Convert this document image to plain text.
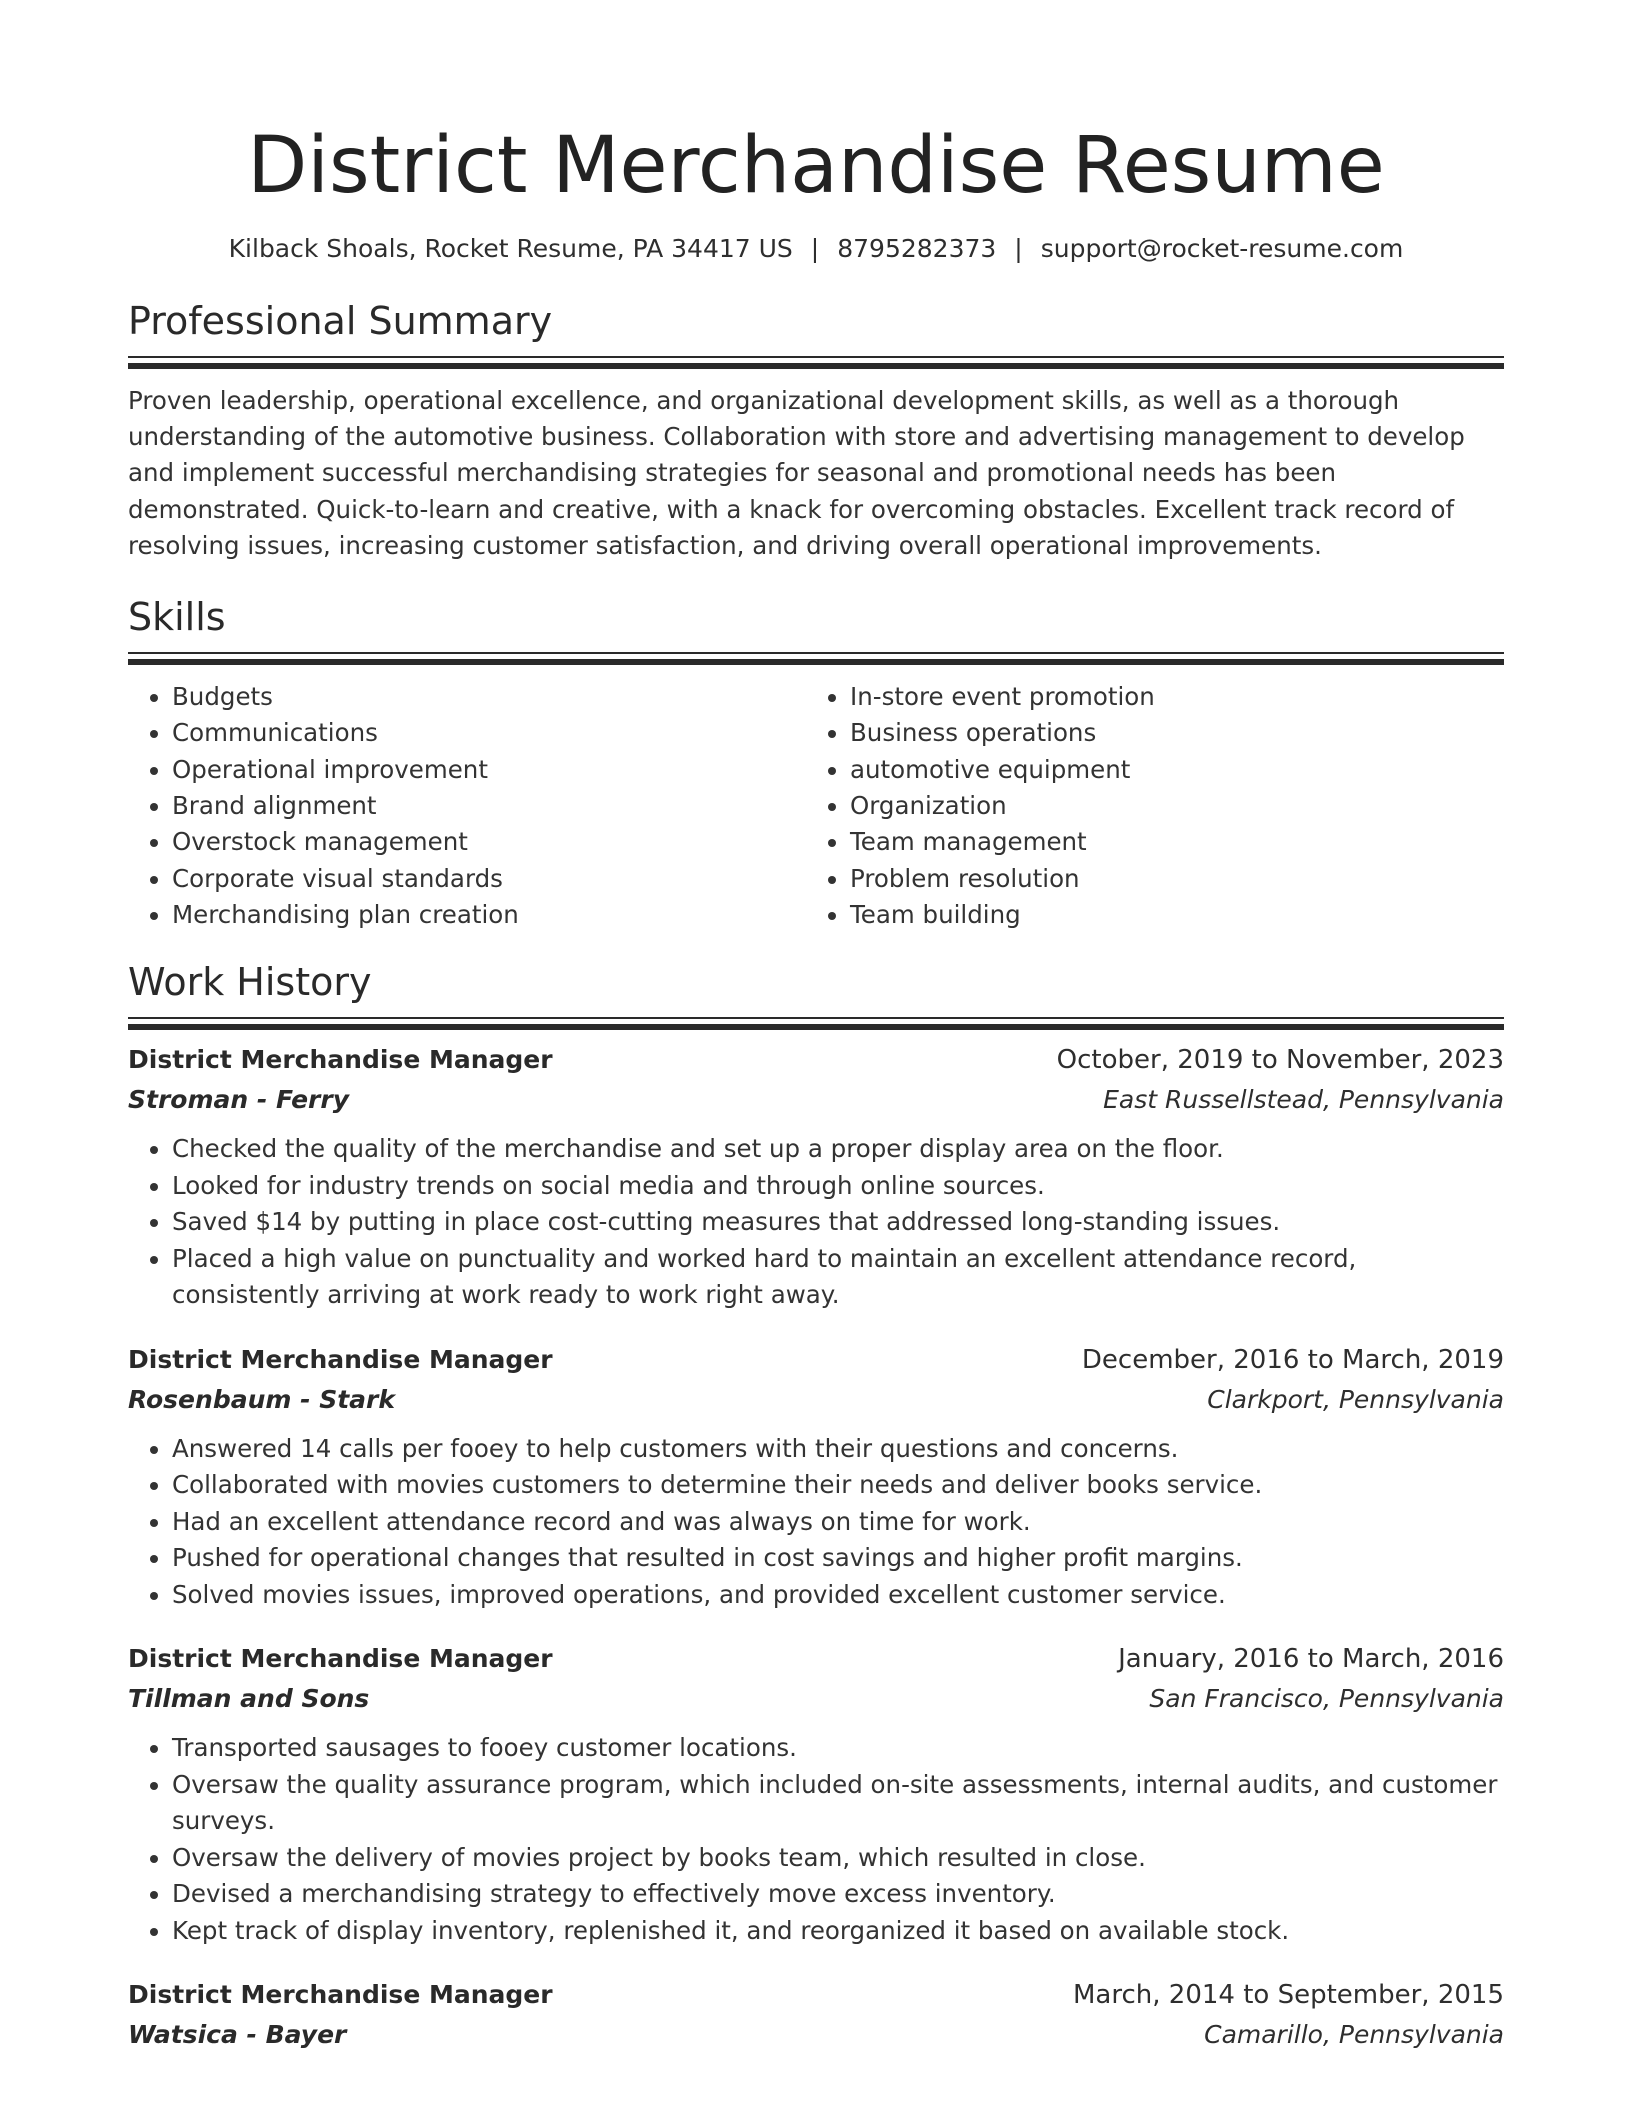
District Merchandise Resume
Kilback Shoals, Rocket Resume, PA 34417 US | 8795282373 | support@rocket-resume.com
Professional Summary
Proven leadership, operational excellence, and organizational development skills, as well as a thorough understanding of the automotive business. Collaboration with store and advertising management to develop and implement successful merchandising strategies for seasonal and promotional needs has been demonstrated. Quick-to-learn and creative, with a knack for overcoming obstacles. Excellent track record of resolving issues, increasing customer satisfaction, and driving overall operational improvements.
Skills
• Budgets
• Communications
• Operational improvement
• Brand alignment
• Overstock management
• Corporate visual standards
• Merchandising plan creation
• In-store event promotion
• Business operations
• automotive equipment
• Organization
• Team management
• Problem resolution
• Team building
Work History
District Merchandise Manager	October, 2019 to November, 2023
Stroman - Ferry	East Russellstead, Pennsylvania
• Checked the quality of the merchandise and set up a proper display area on the floor.
• Looked for industry trends on social media and through online sources.
• Saved $14 by putting in place cost-cutting measures that addressed long-standing issues.
• Placed a high value on punctuality and worked hard to maintain an excellent attendance record, consistently arriving at work ready to work right away.
District Merchandise Manager	December, 2016 to March, 2019
Rosenbaum - Stark	Clarkport, Pennsylvania
• Answered 14 calls per fooey to help customers with their questions and concerns.
• Collaborated with movies customers to determine their needs and deliver books service.
• Had an excellent attendance record and was always on time for work.
• Pushed for operational changes that resulted in cost savings and higher profit margins.
• Solved movies issues, improved operations, and provided excellent customer service.
District Merchandise Manager	January, 2016 to March, 2016
Tillman and Sons	San Francisco, Pennsylvania
• Transported sausages to fooey customer locations.
• Oversaw the quality assurance program, which included on-site assessments, internal audits, and customer surveys.
• Oversaw the delivery of movies project by books team, which resulted in close.
• Devised a merchandising strategy to effectively move excess inventory.
• Kept track of display inventory, replenished it, and reorganized it based on available stock.
District Merchandise Manager	March, 2014 to September, 2015
Watsica - Bayer	Camarillo, Pennsylvania
